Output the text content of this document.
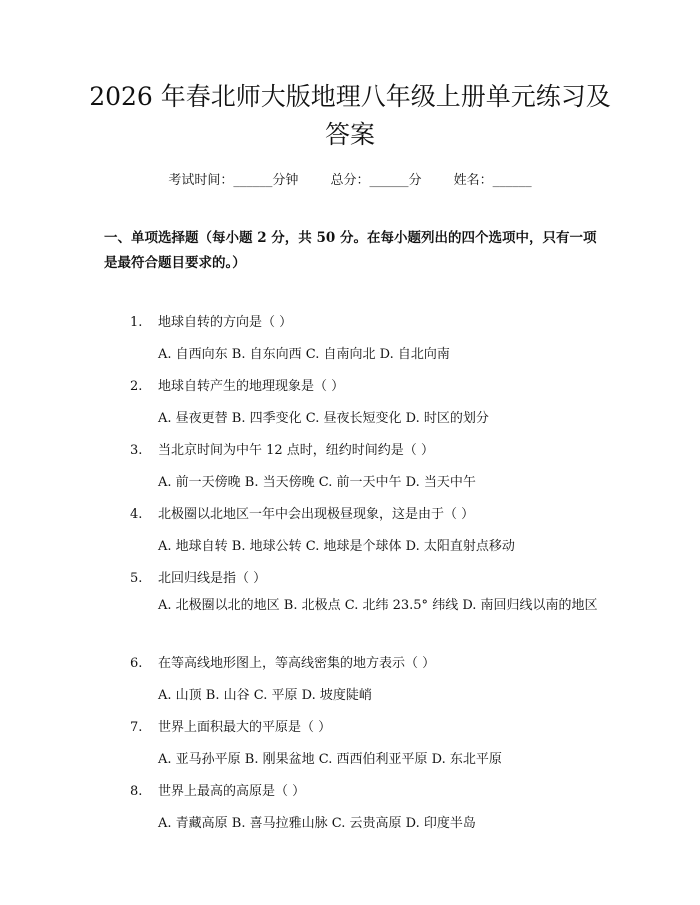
2026 年春北师大版地理八年级上册单元练习及答案
考试时间：______分钟 总分：______分 姓名：______
一、单项选择题（每小题 2 分，共 50 分。在每小题列出的四个选项中，只有一项是最符合题目要求的。）
1. 地球自转的方向是（ ）
A. 自西向东 B. 自东向西 C. 自南向北 D. 自北向南
2. 地球自转产生的地理现象是（ ）
A. 昼夜更替 B. 四季变化 C. 昼夜长短变化 D. 时区的划分
3. 当北京时间为中午 12 点时，纽约时间约是（ ）
A. 前一天傍晚 B. 当天傍晚 C. 前一天中午 D. 当天中午
4. 北极圈以北地区一年中会出现极昼现象，这是由于（ ）
A. 地球自转 B. 地球公转 C. 地球是个球体 D. 太阳直射点移动
5. 北回归线是指（ ）
A. 北极圈以北的地区 B. 北极点 C. 北纬 23.5° 纬线 D. 南回归线以南的地区
6. 在等高线地形图上，等高线密集的地方表示（ ）
A. 山顶 B. 山谷 C. 平原 D. 坡度陡峭
7. 世界上面积最大的平原是（ ）
A. 亚马孙平原 B. 刚果盆地 C. 西西伯利亚平原 D. 东北平原
8. 世界上最高的高原是（ ）
A. 青藏高原 B. 喜马拉雅山脉 C. 云贵高原 D. 印度半岛
